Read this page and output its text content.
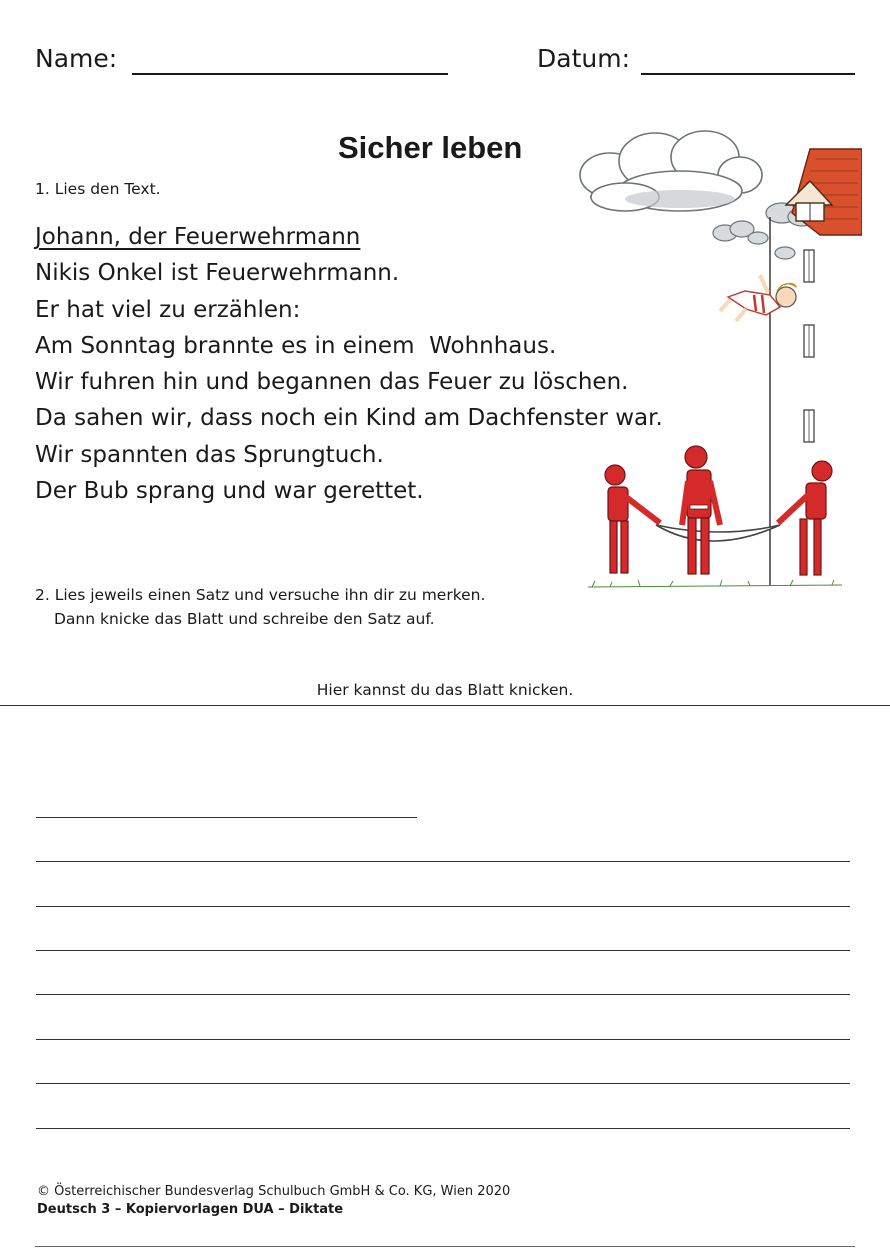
Name:	Datum:
Sicher leben
1. Lies den Text.
Johann, der Feuerwehrmann
Nikis Onkel ist Feuerwehrmann.
Er hat viel zu erzählen:
Am Sonntag brannte es in einem  Wohnhaus.
Wir fuhren hin und begannen das Feuer zu löschen.
Da sahen wir, dass noch ein Kind am Dachfenster war.
Wir spannten das Sprungtuch.
Der Bub sprang und war gerettet.
2. Lies jeweils einen Satz und versuche ihn dir zu merken.
Dann knicke das Blatt und schreibe den Satz auf.
Hier kannst du das Blatt knicken.
© Österreichischer Bundesverlag Schulbuch GmbH & Co. KG, Wien 2020
Deutsch 3 – Kopiervorlagen DUA – Diktate
